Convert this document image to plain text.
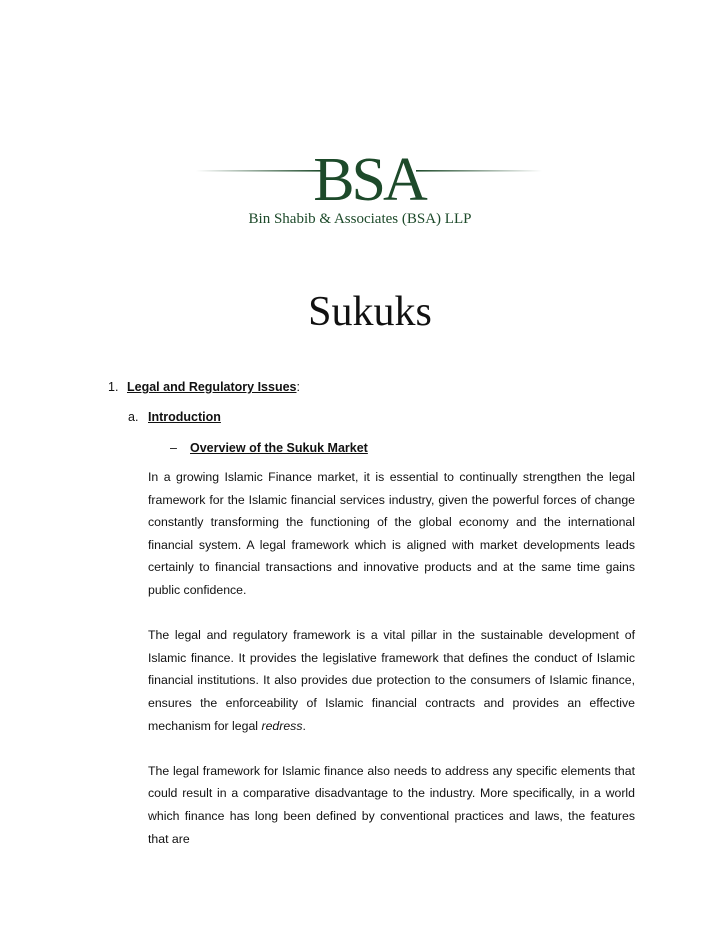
BSA
Bin Shabib & Associates (BSA) LLP
Sukuks
1. Legal and Regulatory Issues:
a. Introduction
– Overview of the Sukuk Market

In a growing Islamic Finance market, it is essential to continually strengthen the legal framework for the Islamic financial services industry, given the powerful forces of change constantly transforming the functioning of the global economy and the international financial system. A legal framework which is aligned with market developments leads certainly to financial transactions and innovative products and at the same time gains public confidence.

The legal and regulatory framework is a vital pillar in the sustainable development of Islamic finance. It provides the legislative framework that defines the conduct of Islamic financial institutions. It also provides due protection to the consumers of Islamic finance, ensures the enforceability of Islamic financial contracts and provides an effective mechanism for legal redress.

The legal framework for Islamic finance also needs to address any specific elements that could result in a comparative disadvantage to the industry. More specifically, in a world which finance has long been defined by conventional practices and laws, the features that are
